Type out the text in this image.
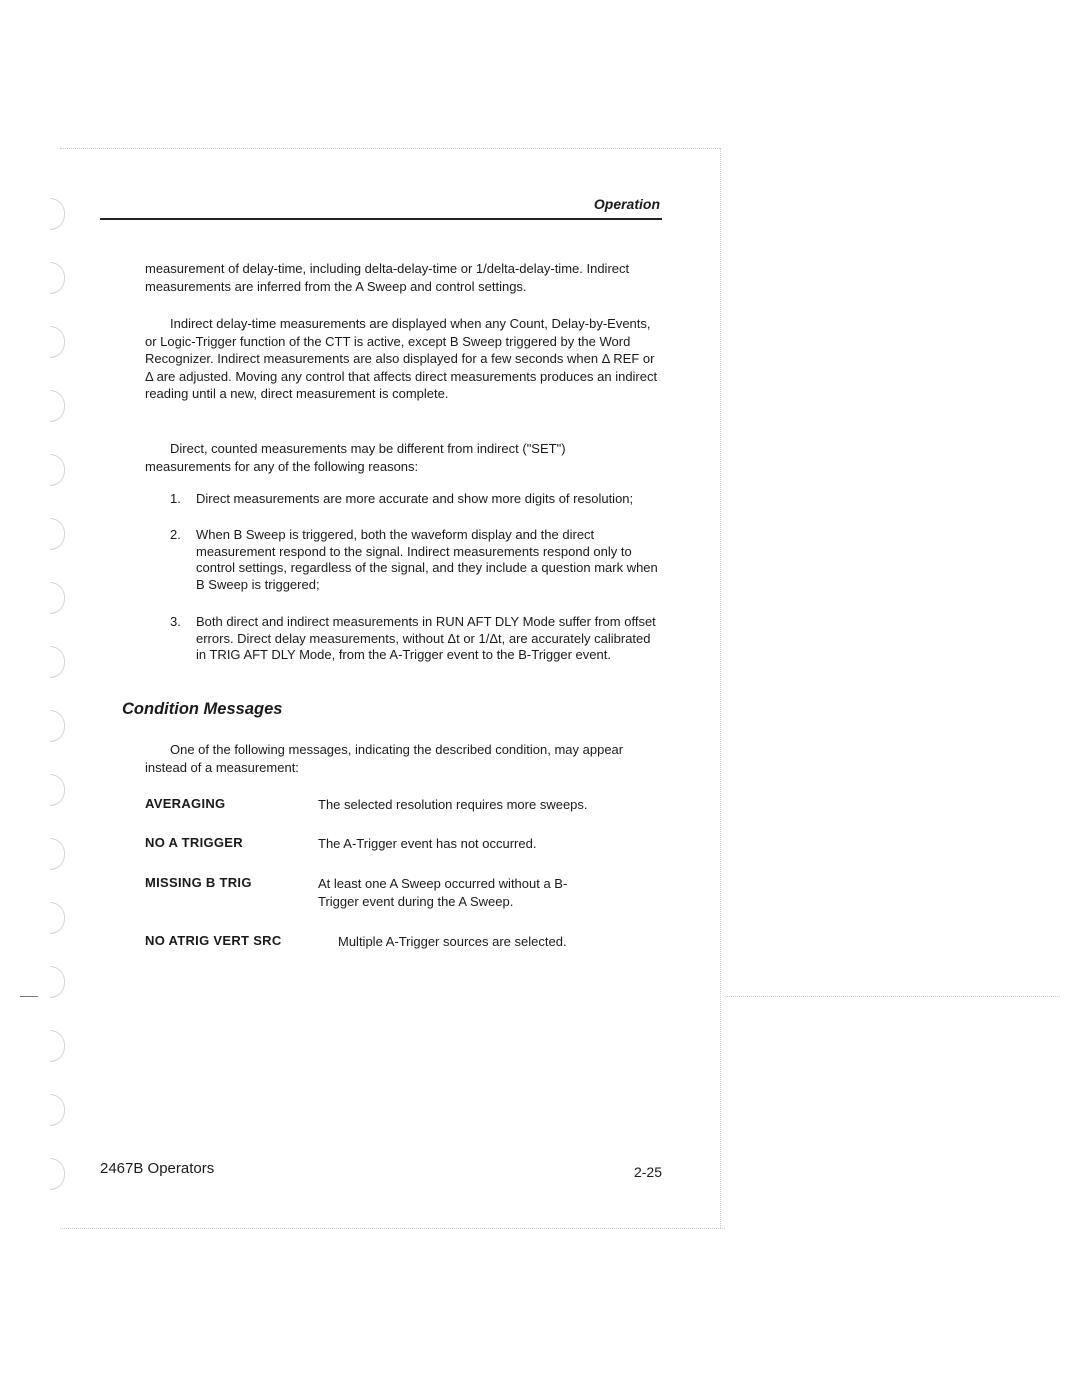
Operation

measurement of delay-time, including delta-delay-time or 1/delta-delay-time. Indirect measurements are inferred from the A Sweep and control settings.

Indirect delay-time measurements are displayed when any Count, Delay-by-Events, or Logic-Trigger function of the CTT is active, except B Sweep triggered by the Word Recognizer. Indirect measurements are also displayed for a few seconds when Δ REF or Δ are adjusted. Moving any control that affects direct measurements produces an indirect reading until a new, direct measurement is complete.

Direct, counted measurements may be different from indirect ("SET") measurements for any of the following reasons:

1. Direct measurements are more accurate and show more digits of resolution;

2. When B Sweep is triggered, both the waveform display and the direct measurement respond to the signal. Indirect measurements respond only to control settings, regardless of the signal, and they include a question mark when B Sweep is triggered;

3. Both direct and indirect measurements in RUN AFT DLY Mode suffer from offset errors. Direct delay measurements, without Δt or 1/Δt, are accurately calibrated in TRIG AFT DLY Mode, from the A-Trigger event to the B-Trigger event.

Condition Messages

One of the following messages, indicating the described condition, may appear instead of a measurement:

AVERAGING	The selected resolution requires more sweeps.

NO A TRIGGER	The A-Trigger event has not occurred.

MISSING B TRIG	At least one A Sweep occurred without a B-Trigger event during the A Sweep.

NO ATRIG VERT SRC	Multiple A-Trigger sources are selected.

2467B Operators	2-25
